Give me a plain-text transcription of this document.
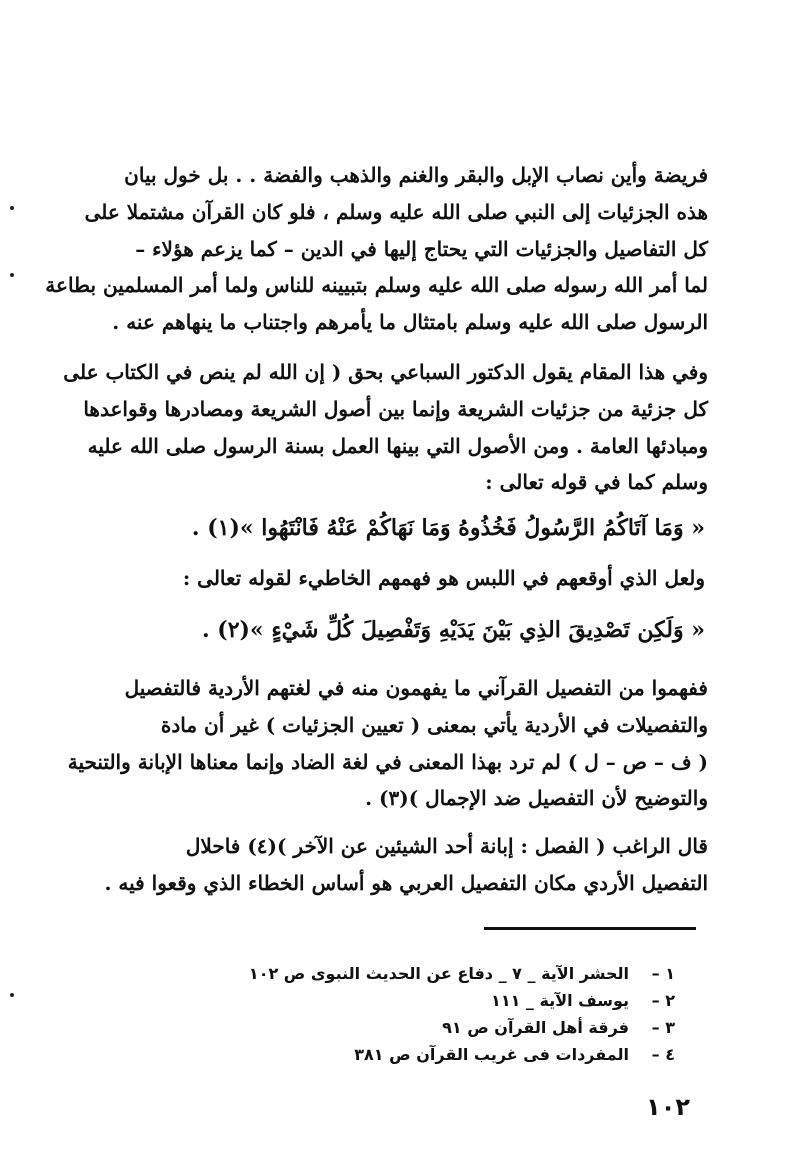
فريضة وأين نصاب الإبل والبقر والغنم والذهب والفضة . . بل خول بيان
هذه الجزئيات إلى النبي صلى الله عليه وسلم ، فلو كان القرآن مشتملا على
كل التفاصيل والجزئيات التي يحتاج إليها في الدين – كما يزعم هؤلاء –
لما أمر الله رسوله صلى الله عليه وسلم بتبيينه للناس ولما أمر المسلمين بطاعة
الرسول صلى الله عليه وسلم بامتثال ما يأمرهم واجتناب ما ينهاهم عنه .
وفي هذا المقام يقول الدكتور السباعي بحق ( إن الله لم ينص في الكتاب على
كل جزئية من جزئيات الشريعة وإنما بين أصول الشريعة ومصادرها وقواعدها
ومبادئها العامة . ومن الأصول التي بينها العمل بسنة الرسول صلى الله عليه
وسلم كما في قوله تعالى :
« وَمَا آتَاكُمُ الرَّسُولُ فَخُذُوهُ وَمَا نَهَاكُمْ عَنْهُ فَانْتَهُوا »(١) .
ولعل الذي أوقعهم في اللبس هو فهمهم الخاطيء لقوله تعالى :
« وَلَكِن تَصْدِيقَ الذِي بَيْنَ يَدَيْهِ وَتَفْصِيلَ كُلِّ شَيْءٍ »(٢) .
ففهموا من التفصيل القرآني ما يفهمون منه في لغتهم الأردية فالتفصيل
والتفصيلات في الأردية يأتي بمعنى ( تعيين الجزئيات ) غير أن مادة
( ف – ص – ل ) لم ترد بهذا المعنى في لغة الضاد وإنما معناها الإبانة والتنحية
والتوضيح لأن التفصيل ضد الإجمال )(٣) .
قال الراغب ( الفصل : إبانة أحد الشيئين عن الآخر )(٤) فاحلال
التفصيل الأردي مكان التفصيل العربي هو أساس الخطاء الذي وقعوا فيه .
١ –
الحشر الآية _ ٧ _ دفاع عن الحديث النبوى ص ١٠٢
٢ –
يوسف الآية _ ١١١
٣ –
فرقة أهل القرآن ص ٩١
٤ –
المفردات فى غريب القرآن ص ٣٨١
١٠٢
